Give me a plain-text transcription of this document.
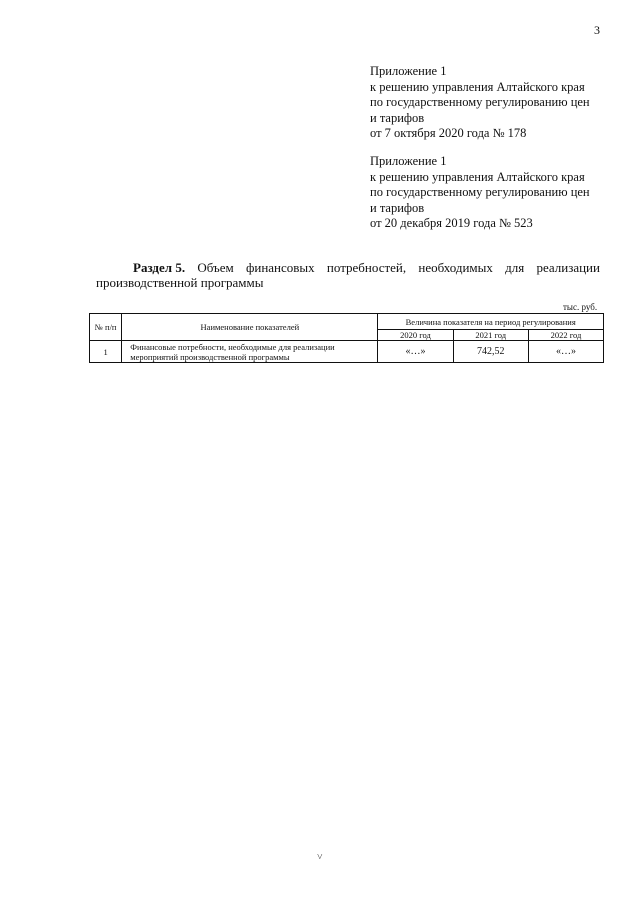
3
Приложение 1
к решению управления Алтайского края
по государственному регулированию цен
и тарифов
от 7 октября 2020 года № 178
Приложение 1
к решению управления Алтайского края
по государственному регулированию цен
и тарифов
от 20 декабря 2019 года № 523
Раздел 5. Объем финансовых потребностей, необходимых для реализации
производственной программы
тыс. руб.
№ п/п	Наименование показателей	Величина показателя на период регулирования		
		2020 год	2021 год	2022 год
1	Финансовые потребности, необходимые для реализации мероприятий производственной программы	«…»	742,52	«…»
˅
